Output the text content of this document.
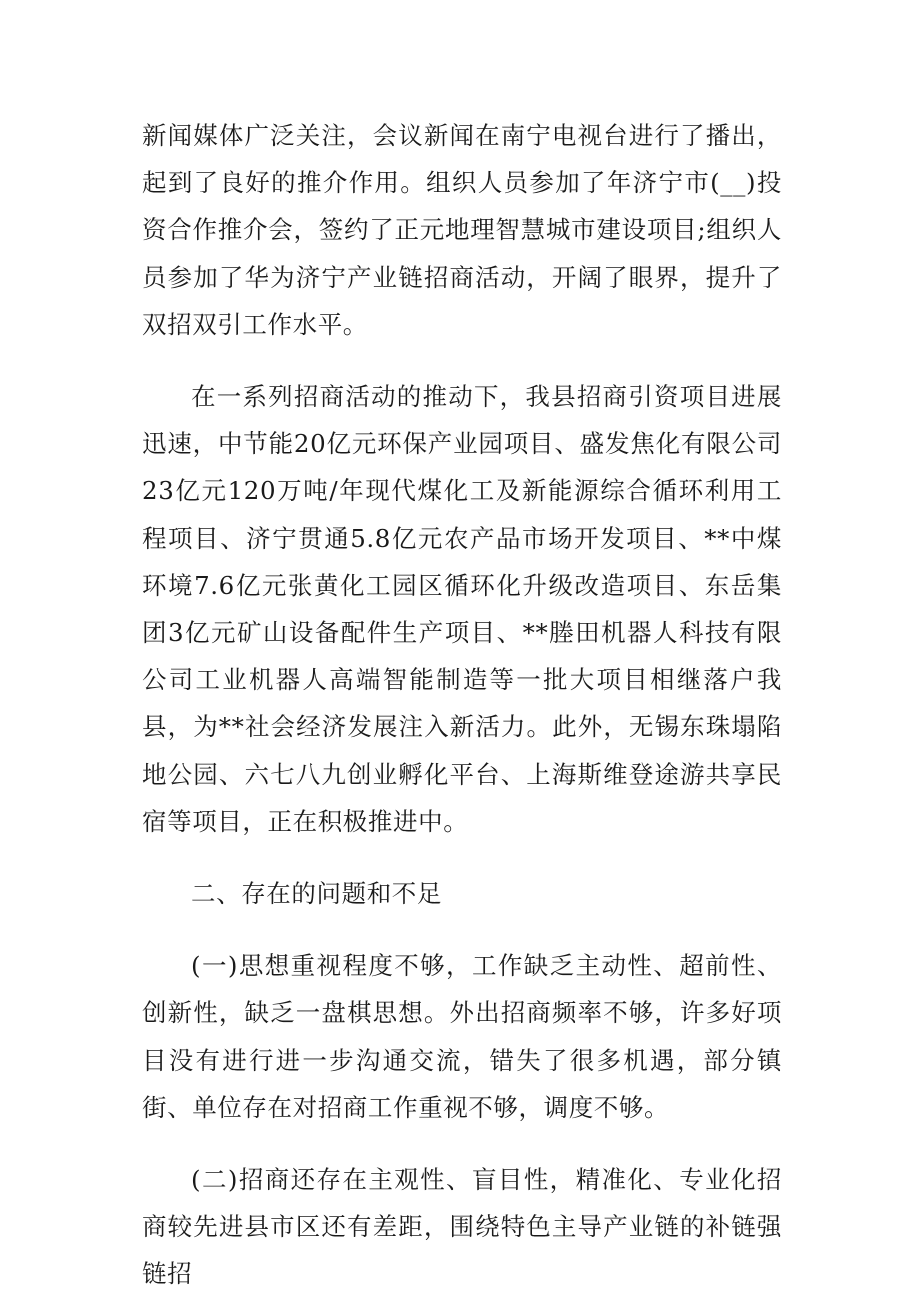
新闻媒体广泛关注，会议新闻在南宁电视台进行了播出，起到了良好的推介作用。组织人员参加了年济宁市(__)投资合作推介会，签约了正元地理智慧城市建设项目;组织人员参加了华为济宁产业链招商活动，开阔了眼界，提升了双招双引工作水平。

在一系列招商活动的推动下，我县招商引资项目进展迅速，中节能20亿元环保产业园项目、盛发焦化有限公司23亿元120万吨/年现代煤化工及新能源综合循环利用工程项目、济宁贯通5.8亿元农产品市场开发项目、**中煤环境7.6亿元张黄化工园区循环化升级改造项目、东岳集团3亿元矿山设备配件生产项目、**塍田机器人科技有限公司工业机器人高端智能制造等一批大项目相继落户我县，为**社会经济发展注入新活力。此外，无锡东珠塌陷地公园、六七八九创业孵化平台、上海斯维登途游共享民宿等项目，正在积极推进中。

二、存在的问题和不足

(一)思想重视程度不够，工作缺乏主动性、超前性、创新性，缺乏一盘棋思想。外出招商频率不够，许多好项目没有进行进一步沟通交流，错失了很多机遇，部分镇街、单位存在对招商工作重视不够，调度不够。

(二)招商还存在主观性、盲目性，精准化、专业化招商较先进县市区还有差距，围绕特色主导产业链的补链强链招
